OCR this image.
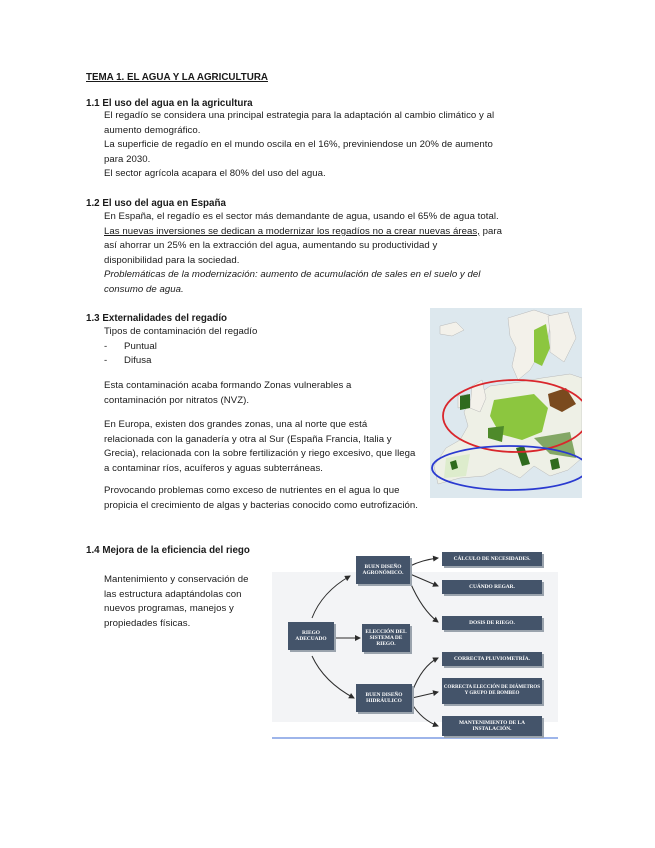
TEMA 1. EL AGUA Y LA AGRICULTURA
1.1 El uso del agua en la agricultura
El regadío se considera una principal estrategia para la adaptación al cambio climático y al
aumento demográfico.
La superficie de regadío en el mundo oscila en el 16%, previniendose un 20% de aumento
para 2030.
El sector agrícola acapara el 80% del uso del agua.
1.2 El uso del agua en España
En España, el regadío es el sector más demandante de agua, usando el 65% de agua total.
Las nuevas inversiones se dedican a modernizar los regadíos no a crear nuevas áreas, para
así ahorrar un 25% en la extracción del agua, aumentando su productividad y
disponibilidad para la sociedad.
Problemáticas de la modernización: aumento de acumulación de sales en el suelo y del
consumo de agua.
1.3 Externalidades del regadío
Tipos de contaminación del regadío
-	Puntual
-	Difusa
Esta contaminación acaba formando Zonas vulnerables a
contaminación por nitratos (NVZ).
En Europa, existen dos grandes zonas, una al norte que está
relacionada con la ganadería y otra al Sur (España Francia, Italia y
Grecia), relacionada con la sobre fertilización y riego excesivo, que llega
a contaminar ríos, acuíferos y aguas subterráneas.
Provocando problemas como exceso de nutrientes en el agua lo que
propicia el crecimiento de algas y bacterias conocido como eutrofización.
1.4 Mejora de la eficiencia del riego
Mantenimiento y conservación de
las estructura adaptándolas con
nuevos programas, manejos y
propiedades físicas.
RIEGO ADECUADO
BUEN DISEÑO AGRONÓMICO.
ELECCIÓN DEL SISTEMA DE RIEGO.
BUEN DISEÑO HIDRÁULICO
CÁLCULO DE NECESIDADES.
CUÁNDO REGAR.
DOSIS DE RIEGO.
CORRECTA PLUVIOMETRÍA.
CORRECTA ELECCIÓN DE DIÁMETROS Y GRUPO DE BOMBEO
MANTENIMIENTO DE LA INSTALACIÓN.
